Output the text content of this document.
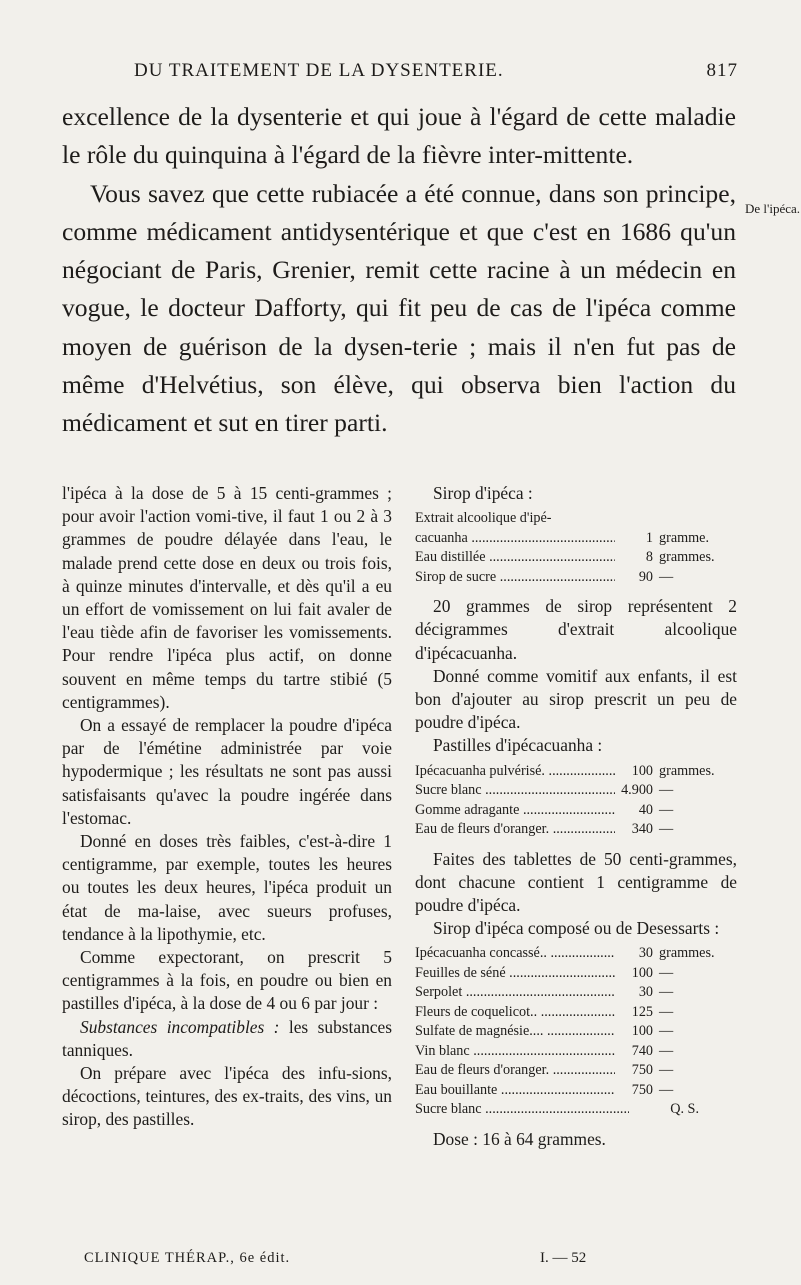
DU TRAITEMENT DE LA DYSENTERIE.	817

excellence de la dysenterie et qui joue à l'égard de cette maladie le rôle du quinquina à l'égard de la fièvre inter-mittente.

Vous savez que cette rubiacée a été connue, dans son principe, comme médicament antidysentérique et que c'est en 1686 qu'un négociant de Paris, Grenier, remit cette racine à un médecin en vogue, le docteur Dafforty, qui fit peu de cas de l'ipéca comme moyen de guérison de la dysen-terie ; mais il n'en fut pas de même d'Helvétius, son élève, qui observa bien l'action du médicament et sut en tirer parti.

De l'ipéca.

l'ipéca à la dose de 5 à 15 centi-grammes ; pour avoir l'action vomi-tive, il faut 1 ou 2 à 3 grammes de poudre délayée dans l'eau, le malade prend cette dose en deux ou trois fois, à quinze minutes d'intervalle, et dès qu'il a eu un effort de vomissement on lui fait avaler de l'eau tiède afin de favoriser les vomissements. Pour rendre l'ipéca plus actif, on donne souvent en même temps du tartre stibié (5 centigrammes).

On a essayé de remplacer la poudre d'ipéca par de l'émétine administrée par voie hypodermique ; les résultats ne sont pas aussi satisfaisants qu'avec la poudre ingérée dans l'estomac.

Donné en doses très faibles, c'est-à-dire 1 centigramme, par exemple, toutes les heures ou toutes les deux heures, l'ipéca produit un état de ma-laise, avec sueurs profuses, tendance à la lipothymie, etc.

Comme expectorant, on prescrit 5 centigrammes à la fois, en poudre ou bien en pastilles d'ipéca, à la dose de 4 ou 6 par jour :

Substances incompatibles : les substances tanniques.

On prépare avec l'ipéca des infu-sions, décoctions, teintures, des ex-traits, des vins, un sirop, des pastilles.

Sirop d'ipéca :

Extrait alcoolique d'ipé-
cacuanha .....	1 gramme.
Eau distillée .....	8 grammes.
Sirop de sucre .....	90 —

20 grammes de sirop représentent 2 décigrammes d'extrait alcoolique d'ipécacuanha.

Donné comme vomitif aux enfants, il est bon d'ajouter au sirop prescrit un peu de poudre d'ipéca.

Pastilles d'ipécacuanha :

Ipécacuanha pulvérisé. .....	100 grammes.
Sucre blanc .....	4.900 —
Gomme adragante .....	40 —
Eau de fleurs d'oranger. .....	340 —

Faites des tablettes de 50 centi-grammes, dont chacune contient 1 centigramme de poudre d'ipéca.

Sirop d'ipéca composé ou de Desessarts :

Ipécacuanha concassé.. .....	30 grammes.
Feuilles de séné .....	100 —
Serpolet .....	30 —
Fleurs de coquelicot.. .....	125 —
Sulfate de magnésie.... .....	100 —
Vin blanc .....	740 —
Eau de fleurs d'oranger. .....	750 —
Eau bouillante .....	750 —
Sucre blanc .....	Q. S.

Dose : 16 à 64 grammes.

CLINIQUE THÉRAP., 6e édit.	I. — 52
